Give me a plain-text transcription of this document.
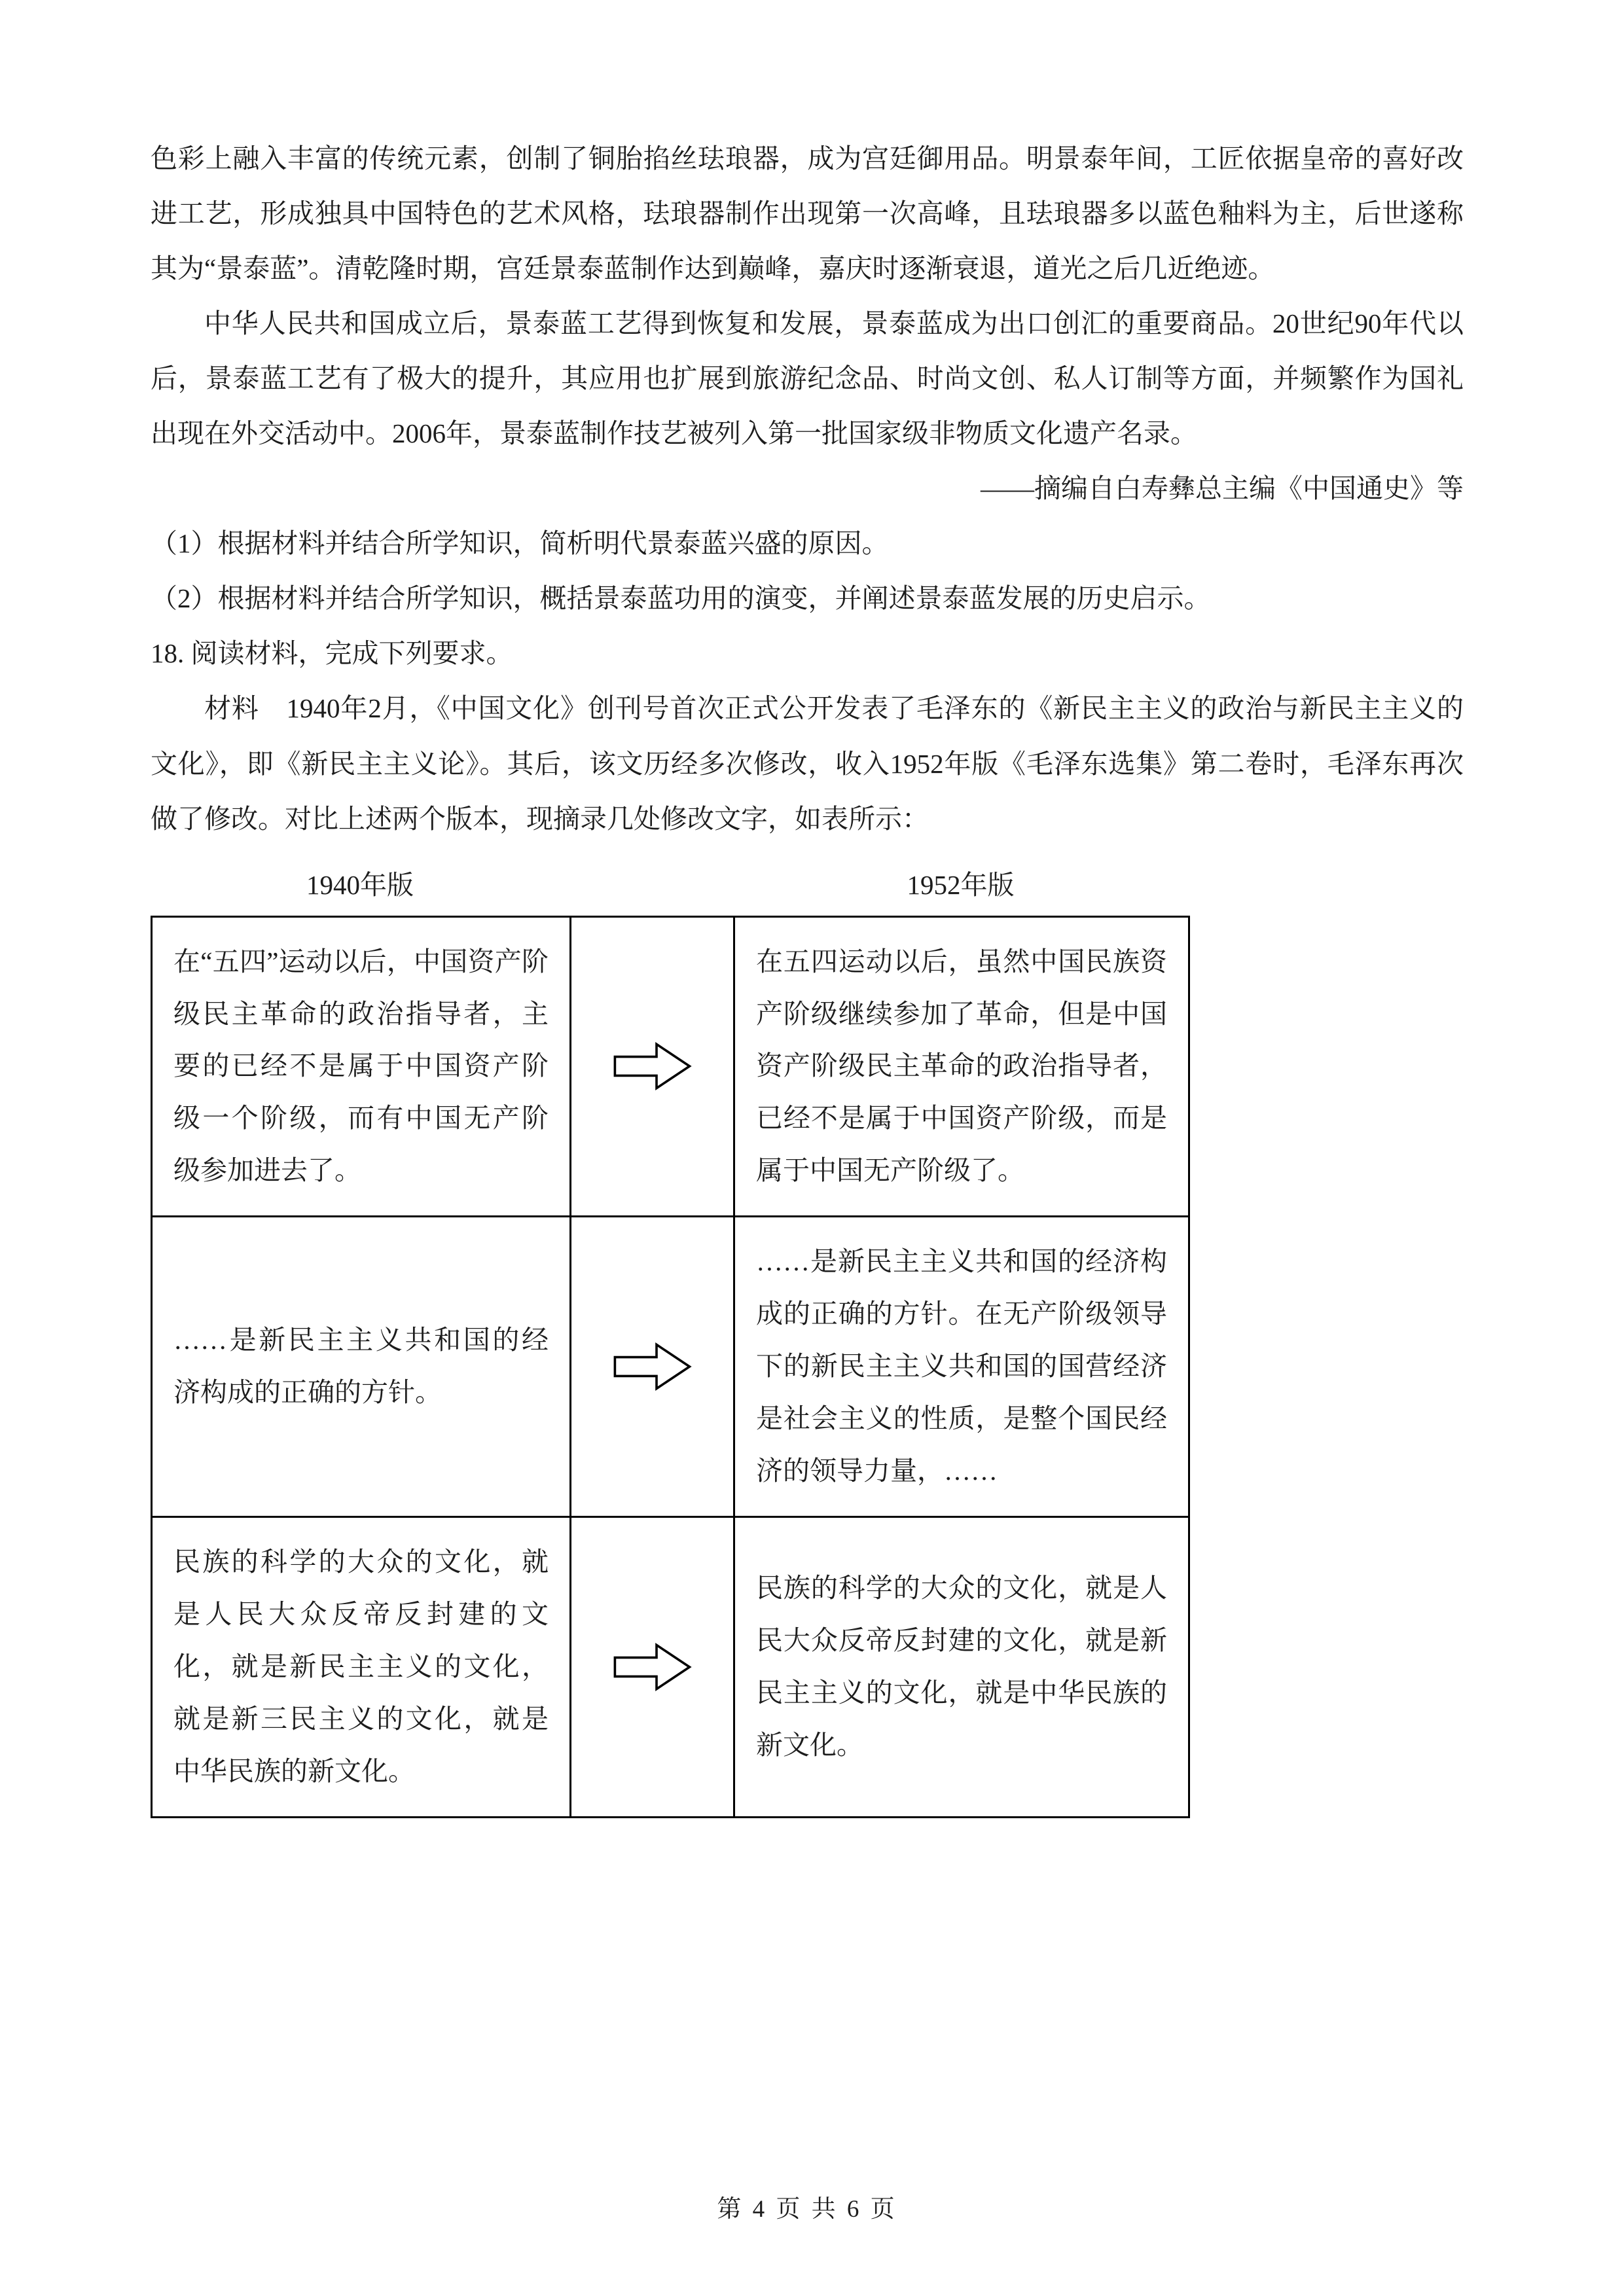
色彩上融入丰富的传统元素，创制了铜胎掐丝珐琅器，成为宫廷御用品。明景泰年间，工匠依据皇帝的喜好改进工艺，形成独具中国特色的艺术风格，珐琅器制作出现第一次高峰，且珐琅器多以蓝色釉料为主，后世遂称其为“景泰蓝”。清乾隆时期，宫廷景泰蓝制作达到巅峰，嘉庆时逐渐衰退，道光之后几近绝迹。
中华人民共和国成立后，景泰蓝工艺得到恢复和发展，景泰蓝成为出口创汇的重要商品。20世纪90年代以后，景泰蓝工艺有了极大的提升，其应用也扩展到旅游纪念品、时尚文创、私人订制等方面，并频繁作为国礼出现在外交活动中。2006年，景泰蓝制作技艺被列入第一批国家级非物质文化遗产名录。
——摘编自白寿彝总主编《中国通史》等
（1）根据材料并结合所学知识，简析明代景泰蓝兴盛的原因。
（2）根据材料并结合所学知识，概括景泰蓝功用的演变，并阐述景泰蓝发展的历史启示。
18. 阅读材料，完成下列要求。
材料　1940年2月，《中国文化》创刊号首次正式公开发表了毛泽东的《新民主主义的政治与新民主主义的文化》，即《新民主主义论》。其后，该文历经多次修改，收入1952年版《毛泽东选集》第二卷时，毛泽东再次做了修改。对比上述两个版本，现摘录几处修改文字，如表所示：
1940年版	1952年版
在“五四”运动以后，中国资产阶级民主革命的政治指导者，主要的已经不是属于中国资产阶级一个阶级，而有中国无产阶级参加进去了。		在五四运动以后，虽然中国民族资产阶级继续参加了革命，但是中国资产阶级民主革命的政治指导者，已经不是属于中国资产阶级，而是属于中国无产阶级了。

……是新民主主义共和国的经济构成的正确的方针。		……是新民主主义共和国的经济构成的正确的方针。在无产阶级领导下的新民主主义共和国的国营经济是社会主义的性质，是整个国民经济的领导力量，……

民族的科学的大众的文化，就是人民大众反帝反封建的文化，就是新民主主义的文化，就是新三民主义的文化，就是中华民族的新文化。		民族的科学的大众的文化，就是人民大众反帝反封建的文化，就是新民主主义的文化，就是中华民族的新文化。
第 4 页 共 6 页
